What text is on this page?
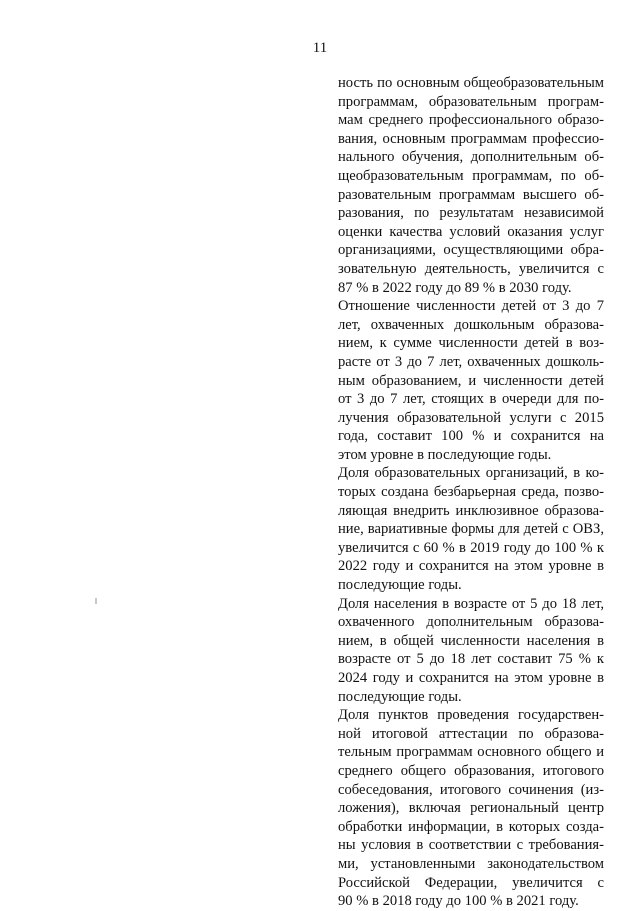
11
ность по основным общеобразовательным
программам, образовательным програм-
мам среднего профессионального образо-
вания, основным программам профессио-
нального обучения, дополнительным об-
щеобразовательным программам, по об-
разовательным программам высшего об-
разования, по результатам независимой
оценки качества условий оказания услуг
организациями, осуществляющими обра-
зовательную деятельность, увеличится с
87 % в 2022 году до 89 % в 2030 году.
Отношение численности детей от 3 до 7
лет, охваченных дошкольным образова-
нием, к сумме численности детей в воз-
расте от 3 до 7 лет, охваченных дошколь-
ным образованием, и численности детей
от 3 до 7 лет, стоящих в очереди для по-
лучения образовательной услуги с 2015
года, составит 100 % и сохранится на
этом уровне в последующие годы.
Доля образовательных организаций, в ко-
торых создана безбарьерная среда, позво-
ляющая внедрить инклюзивное образова-
ние, вариативные формы для детей с ОВЗ,
увеличится с 60 % в 2019 году до 100 % к
2022 году и сохранится на этом уровне в
последующие годы.
Доля населения в возрасте от 5 до 18 лет,
охваченного дополнительным образова-
нием, в общей численности населения в
возрасте от 5 до 18 лет составит 75 % к
2024 году и сохранится на этом уровне в
последующие годы.
Доля пунктов проведения государствен-
ной итоговой аттестации по образова-
тельным программам основного общего и
среднего общего образования, итогового
собеседования, итогового сочинения (из-
ложения), включая региональный центр
обработки информации, в которых созда-
ны условия в соответствии с требования-
ми, установленными законодательством
Российской Федерации, увеличится с
90 % в 2018 году до 100 % в 2021 году.
